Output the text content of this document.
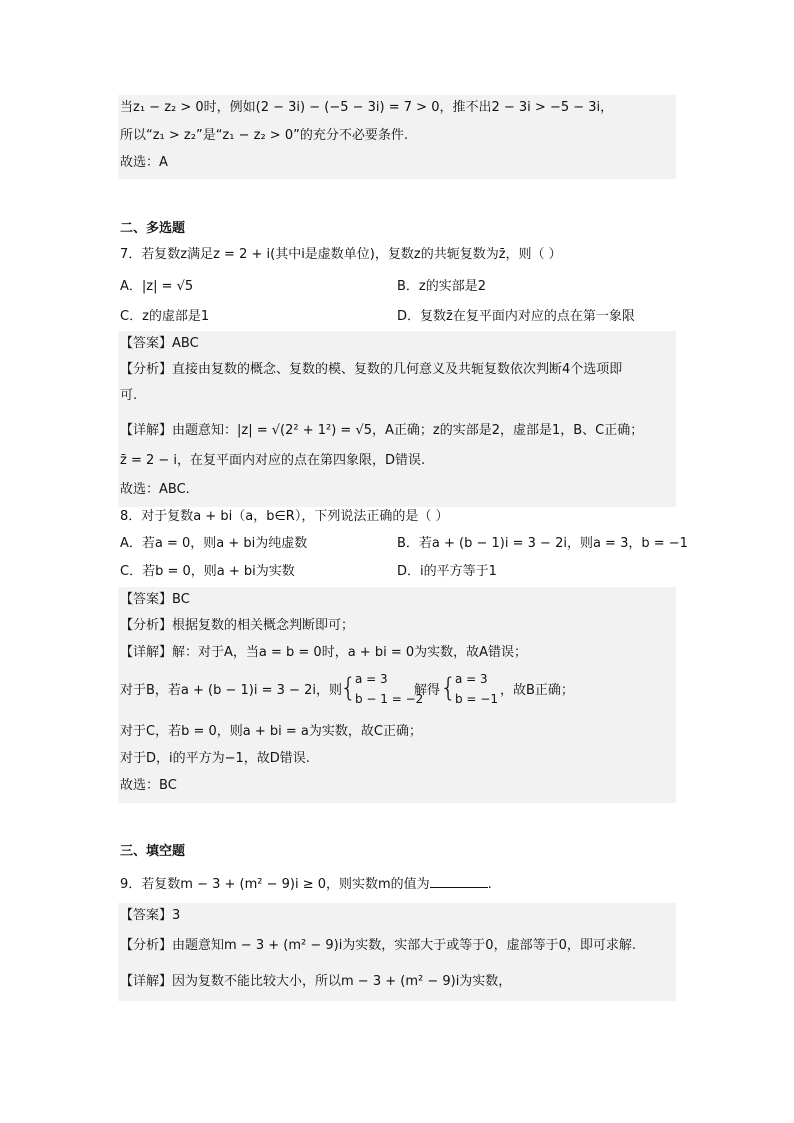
当z₁ − z₂ > 0时，例如(2 − 3i) − (−5 − 3i) = 7 > 0，推不出2 − 3i > −5 − 3i，
所以“z₁ > z₂”是“z₁ − z₂ > 0”的充分不必要条件.
故选：A
二、多选题
7．若复数z满足z = 2 + i(其中i是虚数单位)，复数z的共轭复数为z̄，则（ ）
A．|z| = √5	B．z的实部是2
C．z的虚部是1	D．复数z̄在复平面内对应的点在第一象限
【答案】ABC
【分析】直接由复数的概念、复数的模、复数的几何意义及共轭复数依次判断4个选项即
可.
【详解】由题意知：|z| = √(2² + 1²) = √5，A正确；z的实部是2，虚部是1，B、C正确；
z̄ = 2 − i，在复平面内对应的点在第四象限，D错误.
故选：ABC.
8．对于复数a + bi（a，b∈R），下列说法正确的是（ ）
A．若a = 0，则a + bi为纯虚数	B．若a + (b − 1)i = 3 − 2i，则a = 3，b = −1
C．若b = 0，则a + bi为实数	D．i的平方等于1
【答案】BC
【分析】根据复数的相关概念判断即可；
【详解】解：对于A，当a = b = 0时，a + bi = 0为实数，故A错误；
对于B，若a + (b − 1)i = 3 − 2i，则
{
a = 3
b − 1 = −2
解得 {
a = 3
b = −1
，故B正确；
对于C，若b = 0，则a + bi = a为实数，故C正确；
对于D，i的平方为−1，故D错误.
故选：BC
三、填空题
9．若复数m − 3 + (m² − 9)i ≥ 0，则实数m的值为	.
【答案】3
【分析】由题意知m − 3 + (m² − 9)i为实数，实部大于或等于0，虚部等于0，即可求解.
【详解】因为复数不能比较大小，所以m − 3 + (m² − 9)i为实数，
